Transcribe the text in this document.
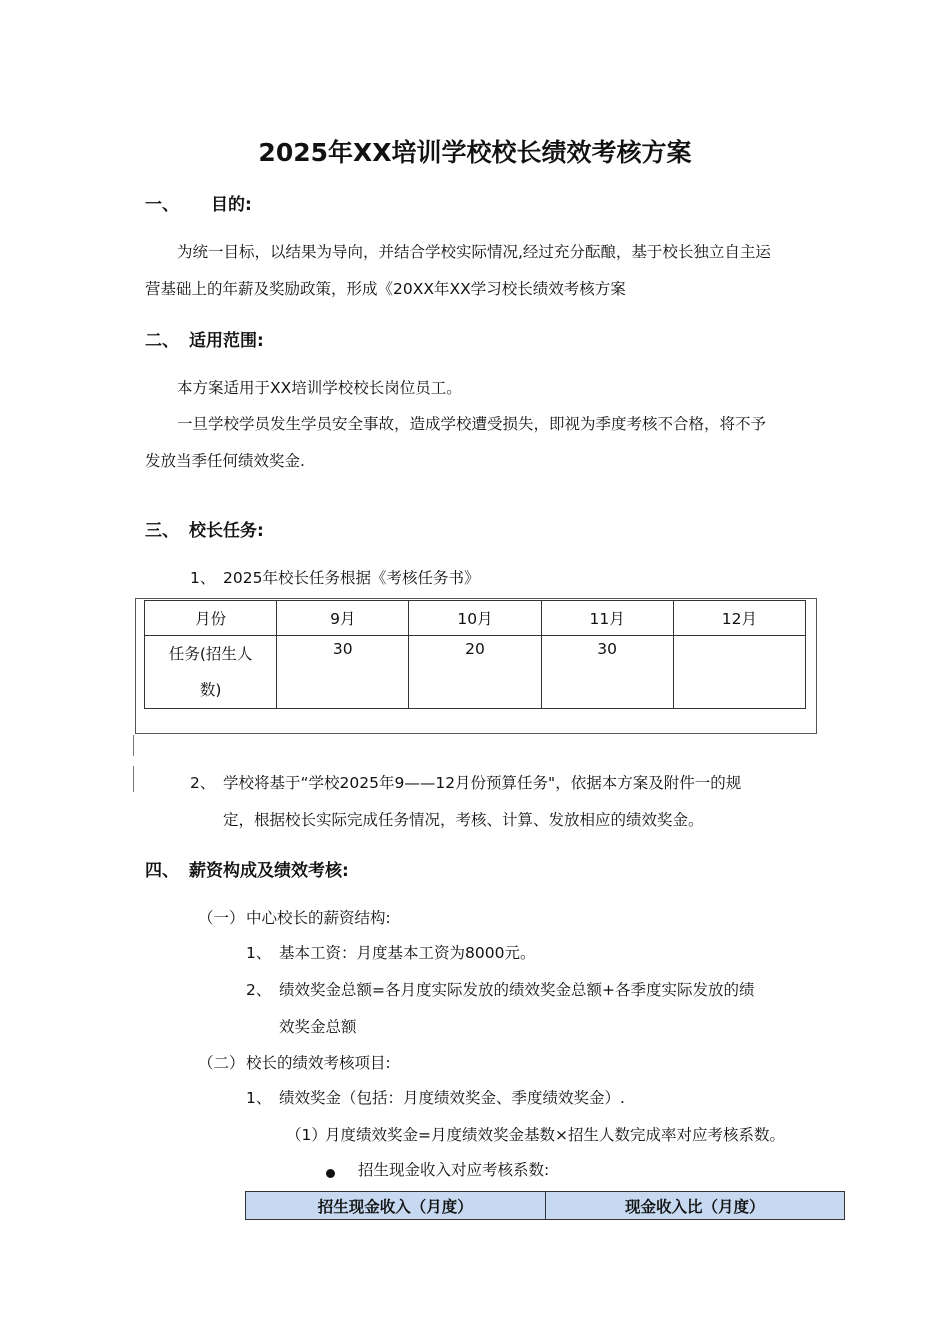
2025年XX培训学校校长绩效考核方案
一、 目的:
为统一目标，以结果为导向，并结合学校实际情况,经过充分酝酿，基于校长独立自主运
营基础上的年薪及奖励政策，形成《20XX年XX学习校长绩效考核方案
二、 适用范围:
本方案适用于XX培训学校校长岗位员工。
一旦学校学员发生学员安全事故，造成学校遭受损失，即视为季度考核不合格，将不予
发放当季任何绩效奖金.
三、 校长任务:
1、 2025年校长任务根据《考核任务书》
月份	9月	10月	11月	12月

任务(招生人
数)	30	20	30	
2、 学校将基于“学校2025年9——12月份预算任务"，依据本方案及附件一的规
定，根据校长实际完成任务情况，考核、计算、发放相应的绩效奖金。
四、 薪资构成及绩效考核:
（一） 中心校长的薪资结构:
1、 基本工资：月度基本工资为8000元。
2、 绩效奖金总额=各月度实际发放的绩效奖金总额+各季度实际发放的绩
效奖金总额
（二） 校长的绩效考核项目:
1、 绩效奖金（包括：月度绩效奖金、季度绩效奖金）.
（1）
月度绩效奖金=月度绩效奖金基数×招生人数完成率对应考核系数。
招生现金收入对应考核系数:
招生现金收入（月度）	现金收入比（月度）
